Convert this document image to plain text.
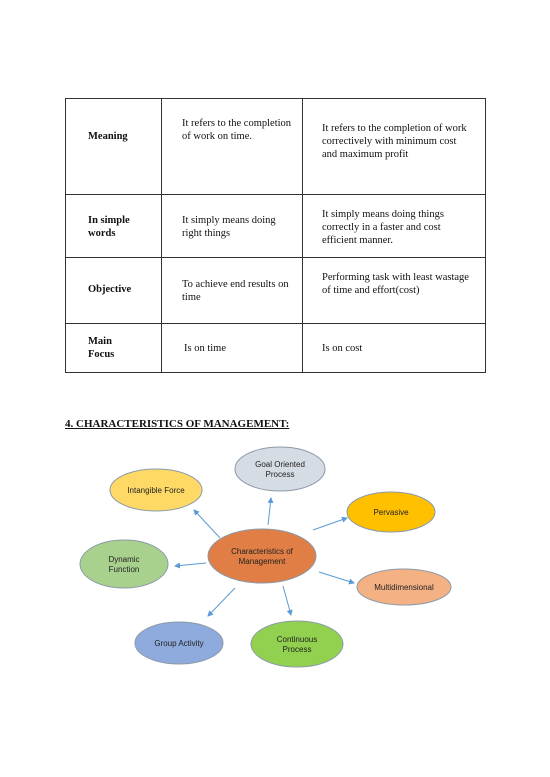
Meaning	It refers to the completion of work on time.	It refers to the completion of work correctively with minimum cost and maximum profit

In simple words	It simply means doing right things	It simply means doing things correctly in a faster and cost efficient manner.

Objective	To achieve end results on time	Performing task with least wastage of time and effort(cost)

Main Focus	Is on time	Is on cost
4. CHARACTERISTICS OF MANAGEMENT:
Characteristics of
Management
Goal Oriented
Process
Pervasive
Multidimensional
Continuous
Process
Group Activity
Dynamic
Function
Intangible Force
